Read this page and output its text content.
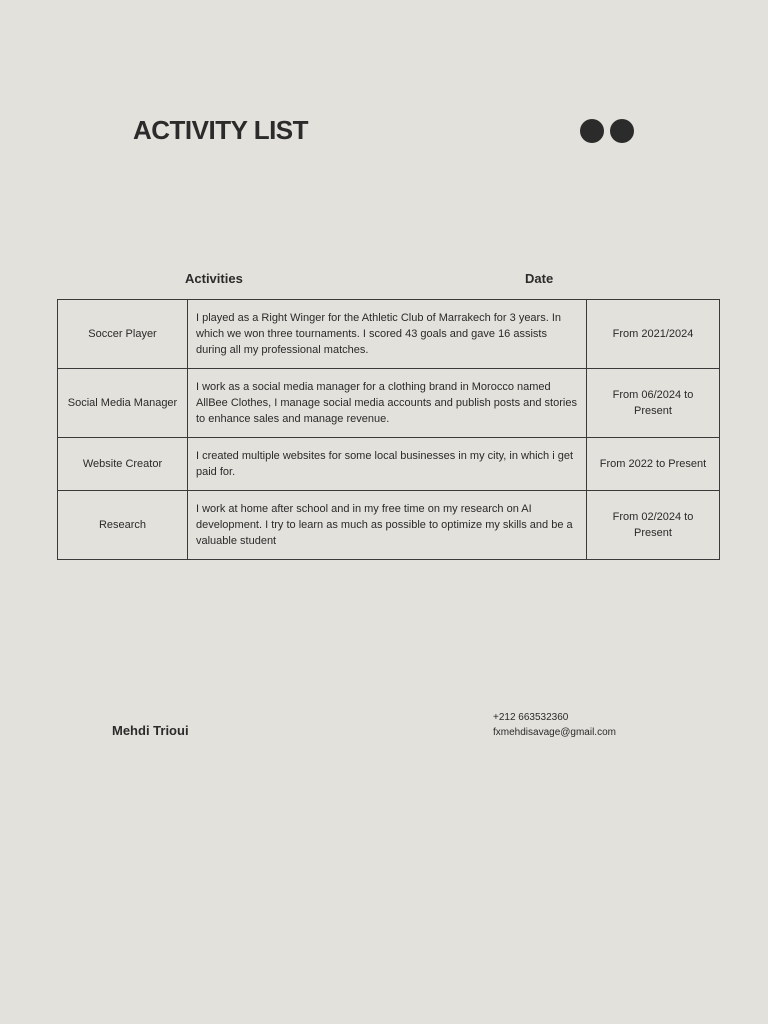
ACTIVITY LIST
Activities	Date
Soccer Player	I played as a Right Winger for the Athletic Club of Marrakech for 3 years. In which we won three tournaments. I scored 43 goals and gave 16 assists during all my professional matches.	From 2021/2024
Social Media Manager	I work as a social media manager for a clothing brand in Morocco named AllBee Clothes, I manage social media accounts and publish posts and stories to enhance sales and manage revenue.	From 06/2024 to Present
Website Creator	I created multiple websites for some local businesses in my city, in which i get paid for.	From 2022 to Present
Research	I work at home after school and in my free time on my research on AI development. I try to learn as much as possible to optimize my skills and be a valuable student	From 02/2024 to Present
Mehdi Trioui
+212 663532360
fxmehdisavage@gmail.com
